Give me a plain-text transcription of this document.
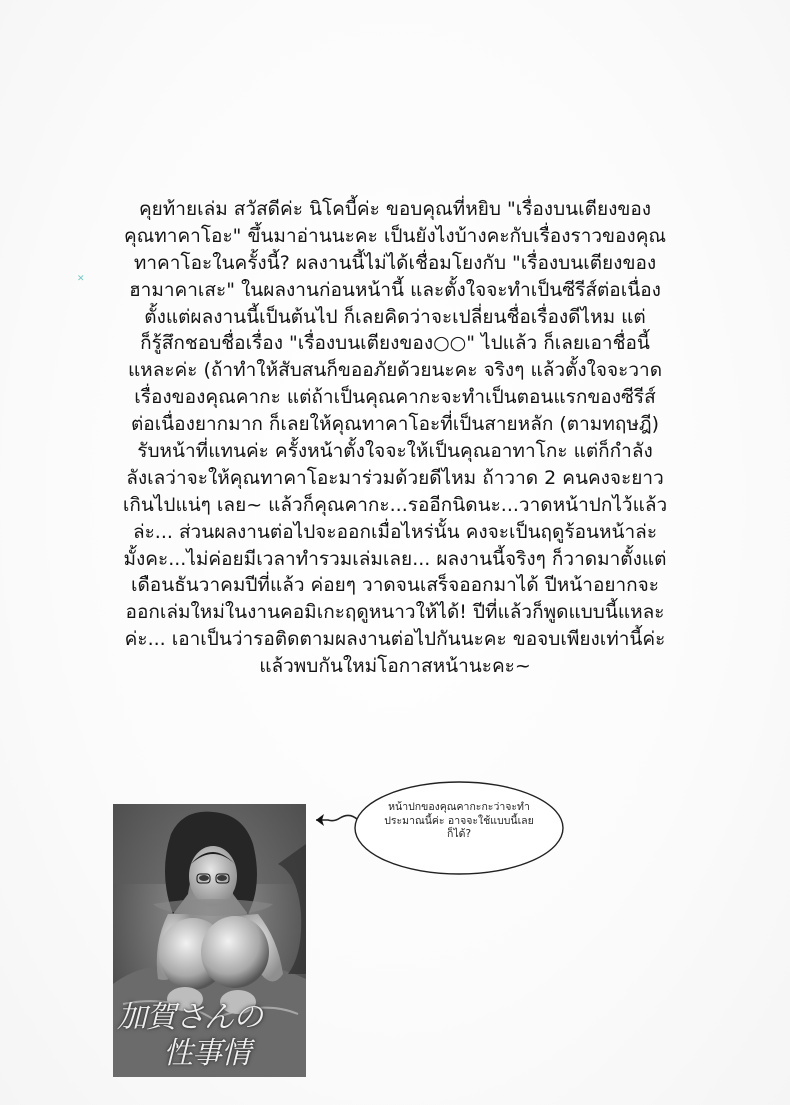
✕
คุยท้ายเล่ม สวัสดีค่ะ นิโคบี้ค่ะ ขอบคุณที่หยิบ "เรื่องบนเตียงของ
คุณทาคาโอะ" ขึ้นมาอ่านนะคะ เป็นยังไงบ้างคะกับเรื่องราวของคุณ
ทาคาโอะในครั้งนี้? ผลงานนี้ไม่ได้เชื่อมโยงกับ "เรื่องบนเตียงของ
ฮามาคาเสะ" ในผลงานก่อนหน้านี้ และตั้งใจจะทำเป็นซีรีส์ต่อเนื่อง
ตั้งแต่ผลงานนี้เป็นต้นไป ก็เลยคิดว่าจะเปลี่ยนชื่อเรื่องดีไหม แต่
ก็รู้สึกชอบชื่อเรื่อง "เรื่องบนเตียงของ○○" ไปแล้ว ก็เลยเอาชื่อนี้
แหละค่ะ (ถ้าทำให้สับสนก็ขออภัยด้วยนะคะ จริงๆ แล้วตั้งใจจะวาด
เรื่องของคุณคากะ แต่ถ้าเป็นคุณคากะจะทำเป็นตอนแรกของซีรีส์
ต่อเนื่องยากมาก ก็เลยให้คุณทาคาโอะที่เป็นสายหลัก (ตามทฤษฎี)
รับหน้าที่แทนค่ะ ครั้งหน้าตั้งใจจะให้เป็นคุณอาทาโกะ แต่ก็กำลัง
ลังเลว่าจะให้คุณทาคาโอะมาร่วมด้วยดีไหม ถ้าวาด 2 คนคงจะยาว
เกินไปแน่ๆ เลย~ แล้วก็คุณคากะ...รออีกนิดนะ...วาดหน้าปกไว้แล้ว
ล่ะ... ส่วนผลงานต่อไปจะออกเมื่อไหร่นั้น คงจะเป็นฤดูร้อนหน้าล่ะ
มั้งคะ...ไม่ค่อยมีเวลาทำรวมเล่มเลย... ผลงานนี้จริงๆ ก็วาดมาตั้งแต่
เดือนธันวาคมปีที่แล้ว ค่อยๆ วาดจนเสร็จออกมาได้ ปีหน้าอยากจะ
ออกเล่มใหม่ในงานคอมิเกะฤดูหนาวให้ได้! ปีที่แล้วก็พูดแบบนี้แหละ
ค่ะ... เอาเป็นว่ารอติดตามผลงานต่อไปกันนะคะ ขอจบเพียงเท่านี้ค่ะ
แล้วพบกันใหม่โอกาสหน้านะคะ~
加賀さんの
性事情
หน้าปกของคุณคากะกะว่าจะทำ
ประมาณนี้ค่ะ อาจจะใช้แบบนี้เลย
ก็ได้?
